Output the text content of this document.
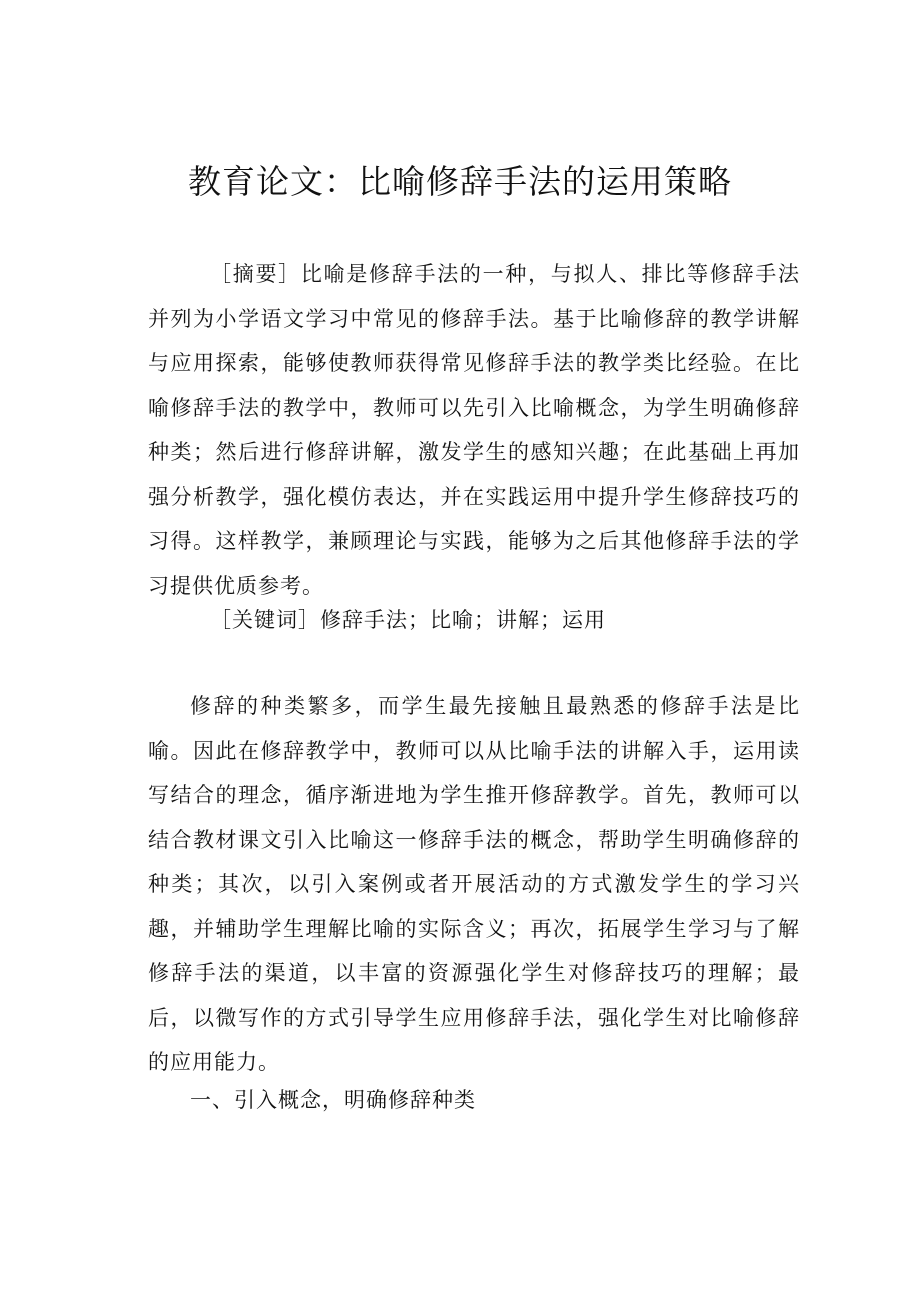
教育论文：比喻修辞手法的运用策略

［摘要］比喻是修辞手法的一种，与拟人、排比等修辞手法并列为小学语文学习中常见的修辞手法。基于比喻修辞的教学讲解与应用探索，能够使教师获得常见修辞手法的教学类比经验。在比喻修辞手法的教学中，教师可以先引入比喻概念，为学生明确修辞种类；然后进行修辞讲解，激发学生的感知兴趣；在此基础上再加强分析教学，强化模仿表达，并在实践运用中提升学生修辞技巧的习得。这样教学，兼顾理论与实践，能够为之后其他修辞手法的学习提供优质参考。

［关键词］修辞手法；比喻；讲解；运用

修辞的种类繁多，而学生最先接触且最熟悉的修辞手法是比喻。因此在修辞教学中，教师可以从比喻手法的讲解入手，运用读写结合的理念，循序渐进地为学生推开修辞教学。首先，教师可以结合教材课文引入比喻这一修辞手法的概念，帮助学生明确修辞的种类；其次，以引入案例或者开展活动的方式激发学生的学习兴趣，并辅助学生理解比喻的实际含义；再次，拓展学生学习与了解修辞手法的渠道，以丰富的资源强化学生对修辞技巧的理解；最后，以微写作的方式引导学生应用修辞手法，强化学生对比喻修辞的应用能力。

一、引入概念，明确修辞种类
